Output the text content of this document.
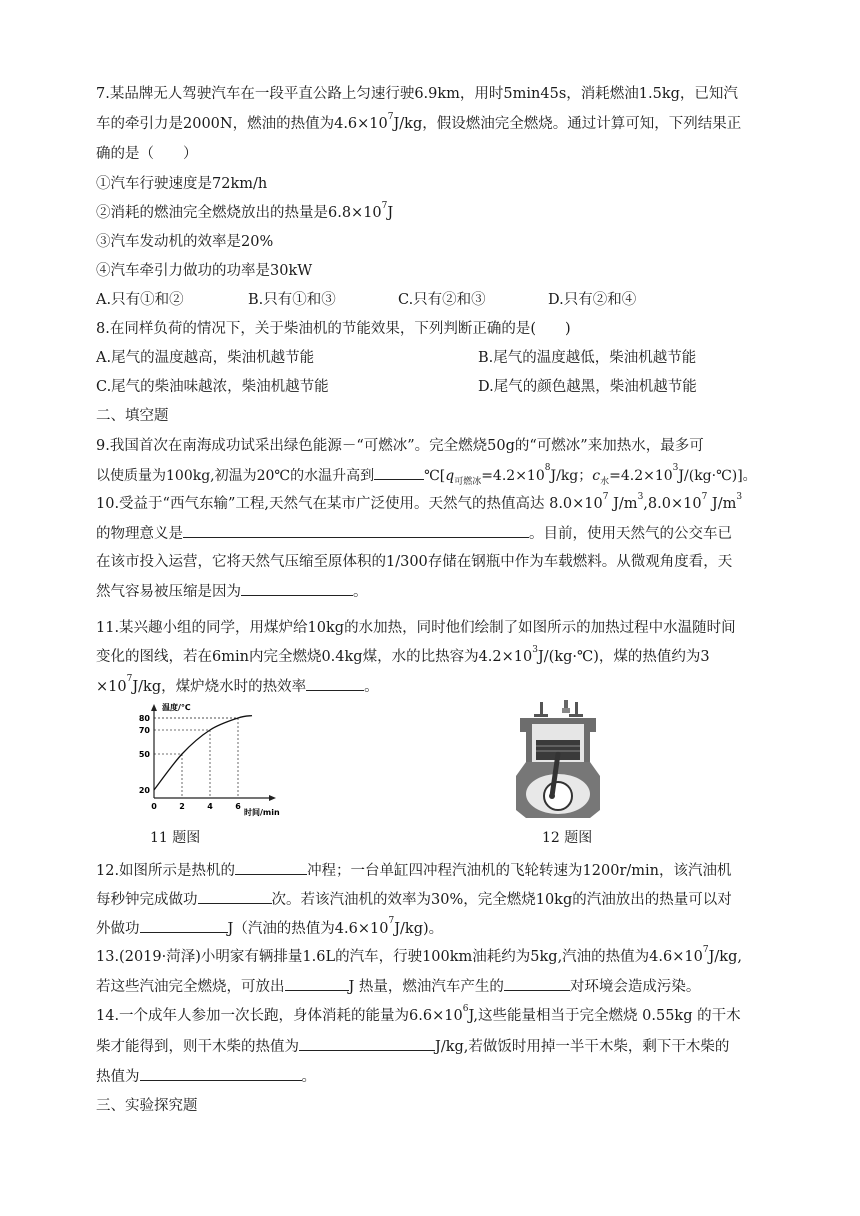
7.某品牌无人驾驶汽车在一段平直公路上匀速行驶6.9km，用时5min45s，消耗燃油1.5kg，已知汽
车的牵引力是2000N，燃油的热值为$4.6\times 10^7J/kg$，假设燃油完全燃烧。通过计算可知，下列结果正
确的是（　　）
①汽车行驶速度是72km/h
②消耗的燃油完全燃烧放出的热量是$6.8\times 10^7J$
③汽车发动机的效率是20%
④汽车牵引力做功的功率是30kW
A.只有①和②	B.只有①和③	C.只有②和③	D.只有②和④
8.在同样负荷的情况下，关于柴油机的节能效果，下列判断正确的是(　　)
A.尾气的温度越高，柴油机越节能	B.尾气的温度越低，柴油机越节能
C.尾气的柴油味越浓，柴油机越节能	D.尾气的颜色越黑，柴油机越节能
二、填空题
9.我国首次在南海成功试采出绿色能源－“可燃冰”。完全燃烧50g的“可燃冰”来加热水，最多可
以使质量为100kg,初温为20℃的水温升高到	$℃[q_{可燃冰}=4.2\times 10^8J/kg$；$c_水=4.2\times 10^3J/(kg\cdot℃)$]。
10.受益于“西气东输”工程,天然气在某市广泛使用。天然气的热值高达 $8.0\times 10^7$ $J/m^3,8.0\times 10^7$ $J/m^3$
的物理意义是	。目前，使用天然气的公交车已
在该市投入运营，它将天然气压缩至原体积的1/300存储在钢瓶中作为车载燃料。从微观角度看，天
然气容易被压缩是因为	。
11.某兴趣小组的同学，用煤炉给10kg的水加热，同时他们绘制了如图所示的加热过程中水温随时间
变化的图线，若在6min内完全燃烧0.4kg煤，水的比热容为$4.2\times 10^3J/(kg\cdot℃)$，煤的热值约为3
$\times 10^7J/kg$，煤炉烧水时的热效率	。
温度/℃
时间/min
80
70
50
20
0	2	4	6
11 题图	12 题图
12.如图所示是热机的	冲程；一台单缸四冲程汽油机的飞轮转速为1200r/min，该汽油机
每秒钟完成做功	次。若该汽油机的效率为30%，完全燃烧10kg的汽油放出的热量可以对
外做功	J（汽油的热值为$4.6\times 10^7J/kg$)。
13.(2019·菏泽)小明家有辆排量1.6L的汽车，行驶100km油耗约为5kg,汽油的热值为$4.6\times 10^7J/kg$,
若这些汽油完全燃烧，可放出	J 热量，燃油汽车产生的	对环境会造成污染。
14.一个成年人参加一次长跑，身体消耗的能量为$6.6\times 10^6J$,这些能量相当于完全燃烧 0.55kg 的干木
柴才能得到，则干木柴的热值为	J/kg,若做饭时用掉一半干木柴，剩下干木柴的
热值为	。
三、实验探究题
